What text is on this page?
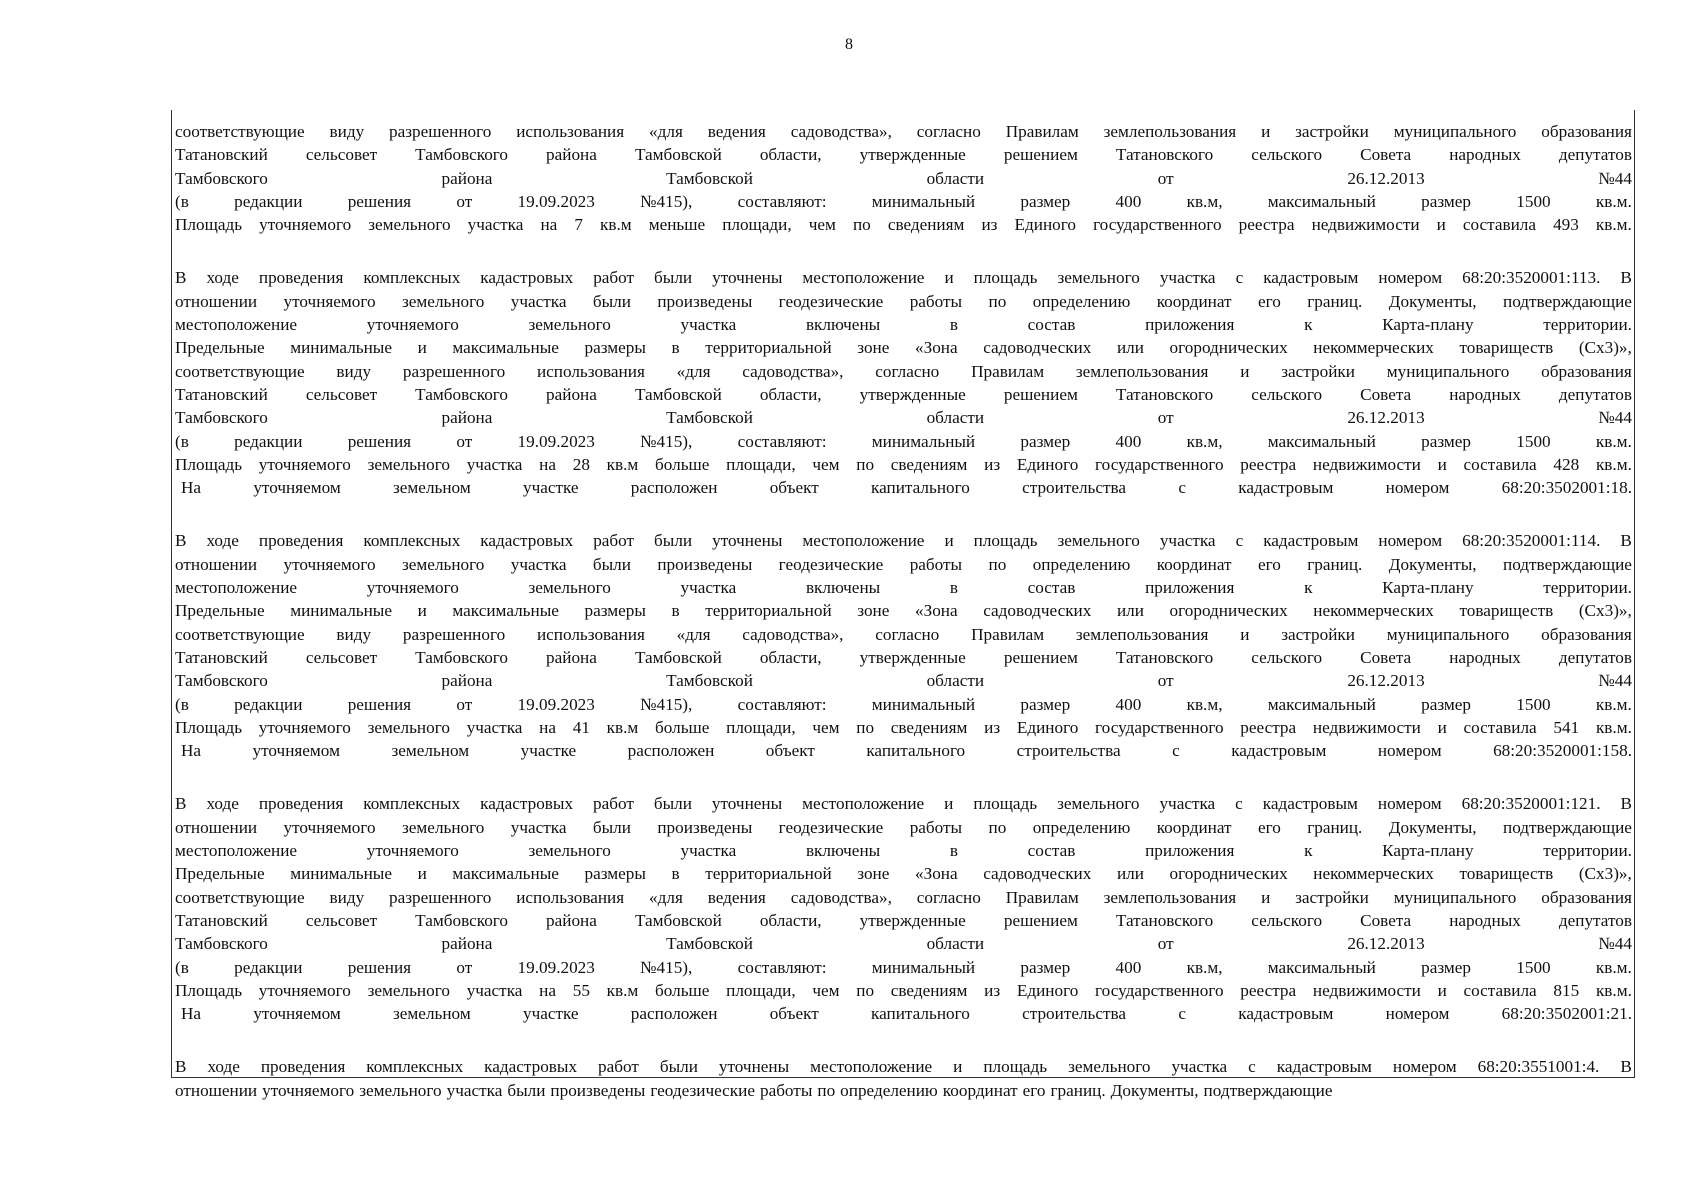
8
соответствующие виду разрешенного использования «для ведения садоводства», согласно Правилам землепользования и застройки муниципального образования
Татановский сельсовет Тамбовского района Тамбовской области, утвержденные решением Татановского сельского Совета народных депутатов
Тамбовского	района	Тамбовской	области	от	26.12.2013	№44
(в	редакции	решения	от	19.09.2023	№415),	составляют:	минимальный	размер	400	кв.м,	максимальный	размер	1500	кв.м.
Площадь уточняемого земельного участка на 7 кв.м меньше площади, чем по сведениям из Единого государственного реестра недвижимости и составила 493 кв.м.
В ходе проведения комплексных кадастровых работ были уточнены местоположение и площадь земельного участка с кадастровым номером 68:20:3520001:113. В
отношении уточняемого земельного участка были произведены геодезические работы по определению координат его границ. Документы, подтверждающие
местоположение	уточняемого	земельного	участка	включены	в	состав	приложения	к	Карта-плану	территории.
Предельные минимальные и максимальные размеры в территориальной зоне «Зона садоводческих или огороднических некоммерческих товариществ (Сх3)»,
соответствующие виду разрешенного использования «для садоводства», согласно Правилам землепользования и застройки муниципального образования
Татановский сельсовет Тамбовского района Тамбовской области, утвержденные решением Татановского сельского Совета народных депутатов
Тамбовского	района	Тамбовской	области	от	26.12.2013	№44
(в	редакции	решения	от	19.09.2023	№415),	составляют:	минимальный	размер	400	кв.м,	максимальный	размер	1500	кв.м.
Площадь уточняемого земельного участка на 28 кв.м больше площади, чем по сведениям из Единого государственного реестра недвижимости и составила 428 кв.м.
На	уточняемом	земельном	участке	расположен	объект	капитального	строительства	с	кадастровым	номером	68:20:3502001:18.
В ходе проведения комплексных кадастровых работ были уточнены местоположение и площадь земельного участка с кадастровым номером 68:20:3520001:114. В
отношении уточняемого земельного участка были произведены геодезические работы по определению координат его границ. Документы, подтверждающие
местоположение	уточняемого	земельного	участка	включены	в	состав	приложения	к	Карта-плану	территории.
Предельные минимальные и максимальные размеры в территориальной зоне «Зона садоводческих или огороднических некоммерческих товариществ (Сх3)»,
соответствующие виду разрешенного использования «для садоводства», согласно Правилам землепользования и застройки муниципального образования
Татановский сельсовет Тамбовского района Тамбовской области, утвержденные решением Татановского сельского Совета народных депутатов
Тамбовского	района	Тамбовской	области	от	26.12.2013	№44
(в	редакции	решения	от	19.09.2023	№415),	составляют:	минимальный	размер	400	кв.м,	максимальный	размер	1500	кв.м.
Площадь уточняемого земельного участка на 41 кв.м больше площади, чем по сведениям из Единого государственного реестра недвижимости и составила 541 кв.м.
На	уточняемом	земельном	участке	расположен	объект	капитального	строительства	с	кадастровым	номером	68:20:3520001:158.
В ходе проведения комплексных кадастровых работ были уточнены местоположение и площадь земельного участка с кадастровым номером 68:20:3520001:121. В
отношении уточняемого земельного участка были произведены геодезические работы по определению координат его границ. Документы, подтверждающие
местоположение	уточняемого	земельного	участка	включены	в	состав	приложения	к	Карта-плану	территории.
Предельные минимальные и максимальные размеры в территориальной зоне «Зона садоводческих или огороднических некоммерческих товариществ (Сх3)»,
соответствующие виду разрешенного использования «для ведения садоводства», согласно Правилам землепользования и застройки муниципального образования
Татановский сельсовет Тамбовского района Тамбовской области, утвержденные решением Татановского сельского Совета народных депутатов
Тамбовского	района	Тамбовской	области	от	26.12.2013	№44
(в	редакции	решения	от	19.09.2023	№415),	составляют:	минимальный	размер	400	кв.м,	максимальный	размер	1500	кв.м.
Площадь уточняемого земельного участка на 55 кв.м больше площади, чем по сведениям из Единого государственного реестра недвижимости и составила 815 кв.м.
На	уточняемом	земельном	участке	расположен	объект	капитального	строительства	с	кадастровым	номером	68:20:3502001:21.
В ходе проведения комплексных кадастровых работ были уточнены местоположение и площадь земельного участка с кадастровым номером 68:20:3551001:4. В
отношении уточняемого земельного участка были произведены геодезические работы по определению координат его границ. Документы, подтверждающие
